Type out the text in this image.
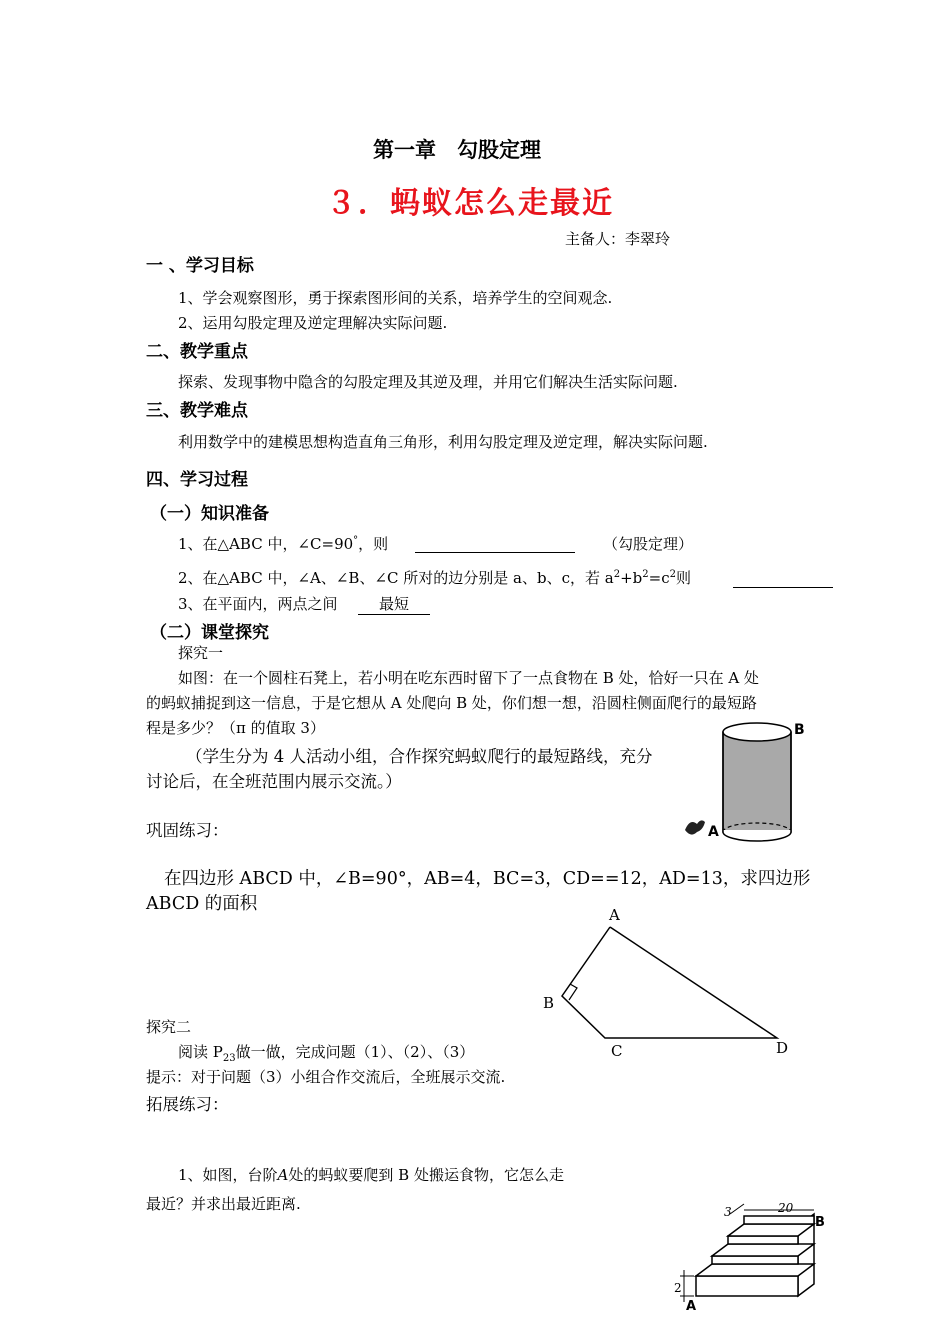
第一章　勾股定理
３．蚂蚁怎么走最近
主备人：李翠玲
一 、学习目标
1、学会观察图形，勇于探索图形间的关系，培养学生的空间观念.
2、运用勾股定理及逆定理解决实际问题.
二、教学重点
探索、发现事物中隐含的勾股定理及其逆及理，并用它们解决生活实际问题.
三、教学难点
利用数学中的建模思想构造直角三角形，利用勾股定理及逆定理，解决实际问题.
四、学习过程
（一）知识准备
1、在△ABC 中，∠C=90°，则	（勾股定理）
2、在△ABC 中，∠A、∠B、∠C 所对的边分别是 a、b、c，若 $a^2+b^2=c^2$则
3、在平面内，两点之间	最短
（二）课堂探究
探究一
如图：在一个圆柱石凳上，若小明在吃东西时留下了一点食物在 B 处，恰好一只在 A 处
的蚂蚁捕捉到这一信息，于是它想从 A 处爬向 B 处，你们想一想，沿圆柱侧面爬行的最短路
程是多少？（π 的值取 3）
（学生分为 4 人活动小组，合作探究蚂蚁爬行的最短路线，充分
讨论后，在全班范围内展示交流。）
B
A
巩固练习：
在四边形 ABCD 中，∠B=90°，AB=4，BC=3，CD==12，AD=13，求四边形
ABCD 的面积
A
B
C	D
探究二
阅读 $P_{23}$做一做，完成问题（1）、（2）、（3）
提示：对于问题（3）小组合作交流后，全班展示交流.
拓展练习：
1、如图，台阶A处的蚂蚁要爬到 B 处搬运食物，它怎么走
最近？并求出最近距离.	20
3
2
B
A
